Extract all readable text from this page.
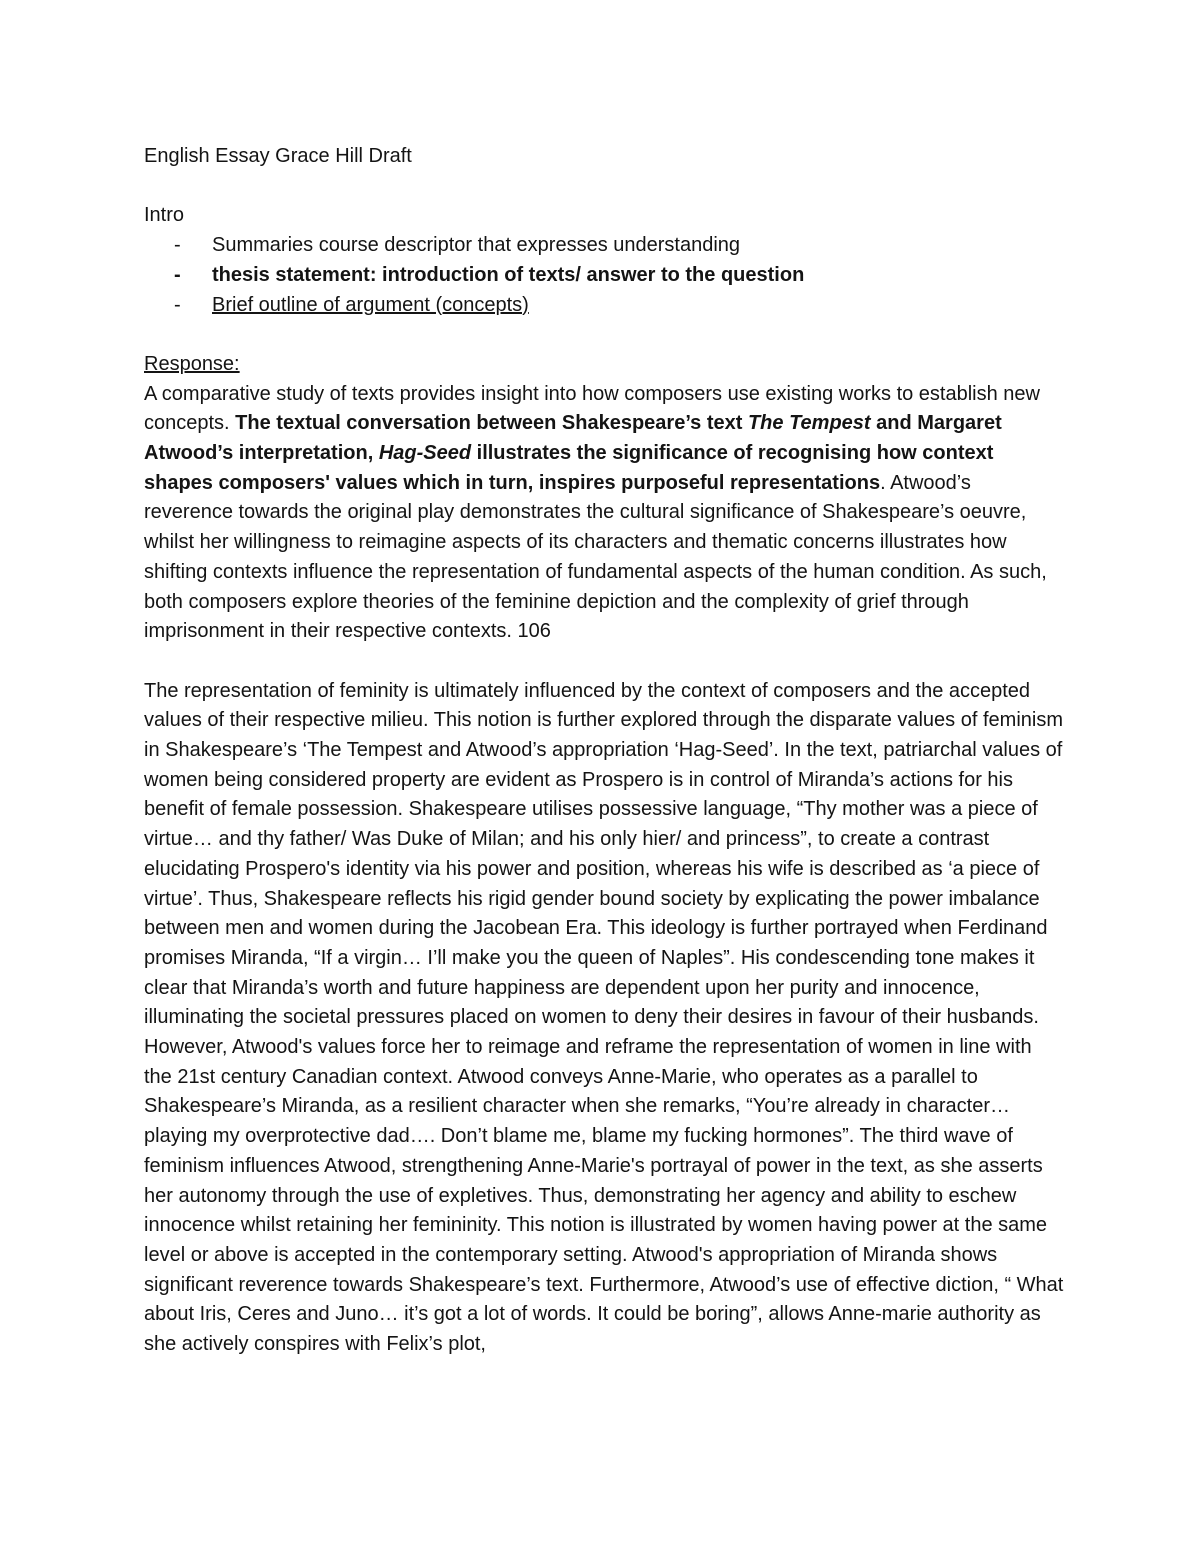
English Essay Grace Hill Draft
Intro
- Summaries course descriptor that expresses understanding
- thesis statement: introduction of texts/ answer to the question
- Brief outline of argument (concepts)
Response:

A comparative study of texts provides insight into how composers use existing works to establish new concepts. The textual conversation between Shakespeare’s text The Tempest and Margaret Atwood’s interpretation, Hag-Seed illustrates the significance of recognising how context shapes composers' values which in turn, inspires purposeful representations. Atwood’s reverence towards the original play demonstrates the cultural significance of Shakespeare’s oeuvre, whilst her willingness to reimagine aspects of its characters and thematic concerns illustrates how shifting contexts influence the representation of fundamental aspects of the human condition. As such, both composers explore theories of the feminine depiction and the complexity of grief through imprisonment in their respective contexts. 106

The representation of feminity is ultimately influenced by the context of composers and the accepted values of their respective milieu. This notion is further explored through the disparate values of feminism in Shakespeare’s ‘The Tempest and Atwood’s appropriation ‘Hag-Seed’. In the text, patriarchal values of women being considered property are evident as Prospero is in control of Miranda’s actions for his benefit of female possession. Shakespeare utilises possessive language, “Thy mother was a piece of virtue… and thy father/ Was Duke of Milan; and his only hier/ and princess”, to create a contrast elucidating Prospero's identity via his power and position, whereas his wife is described as ‘a piece of virtue’. Thus, Shakespeare reflects his rigid gender bound society by explicating the power imbalance between men and women during the Jacobean Era. This ideology is further portrayed when Ferdinand promises Miranda, “If a virgin… I’ll make you the queen of Naples”. His condescending tone makes it clear that Miranda’s worth and future happiness are dependent upon her purity and innocence, illuminating the societal pressures placed on women to deny their desires in favour of their husbands. However, Atwood's values force her to reimage and reframe the representation of women in line with the 21st century Canadian context. Atwood conveys Anne-Marie, who operates as a parallel to Shakespeare’s Miranda, as a resilient character when she remarks, “You’re already in character… playing my overprotective dad…. Don’t blame me, blame my fucking hormones”. The third wave of feminism influences Atwood, strengthening Anne-Marie's portrayal of power in the text, as she asserts her autonomy through the use of expletives. Thus, demonstrating her agency and ability to eschew innocence whilst retaining her femininity. This notion is illustrated by women having power at the same level or above is accepted in the contemporary setting. Atwood's appropriation of Miranda shows significant reverence towards Shakespeare’s text. Furthermore, Atwood’s use of effective diction, “ What about Iris, Ceres and Juno… it’s got a lot of words. It could be boring”, allows Anne-marie authority as she actively conspires with Felix’s plot,
